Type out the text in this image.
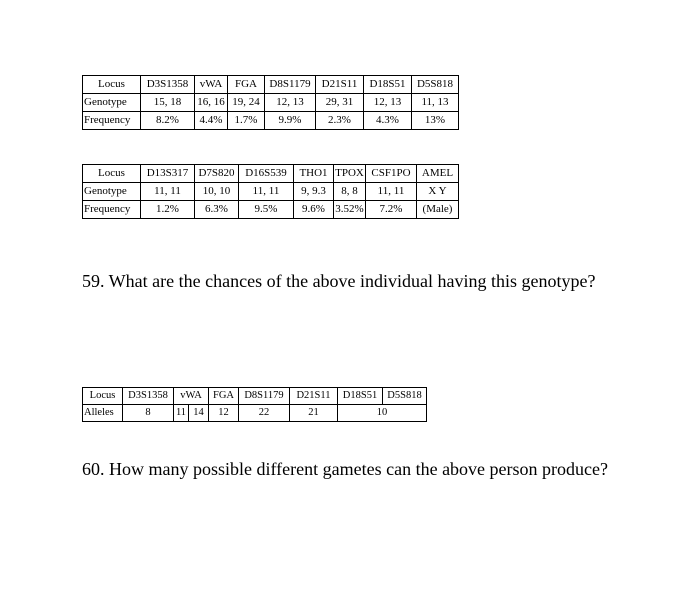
Locus	D3S1358	vWA	FGA	D8S1179	D21S11	D18S51	D5S818
Genotype	15, 18	16, 16	19, 24	12, 13	29, 31	12, 13	11, 13
Frequency	8.2%	4.4%	1.7%	9.9%	2.3%	4.3%	13%
Locus	D13S317	D7S820	D16S539	THO1	TPOX	CSF1PO	AMEL
Genotype	11, 11	10, 10	11, 11	9, 9.3	8, 8	11, 11	X Y
Frequency	1.2%	6.3%	9.5%	9.6%	3.52%	7.2%	(Male)

59. What are the chances of the above individual having this genotype?

Locus	D3S1358	vWA		FGA	D8S1179	D21S11	D18S51	D5S818
Alleles	8	11	14	12	22	21	10	

60. How many possible different gametes can the above person produce?
